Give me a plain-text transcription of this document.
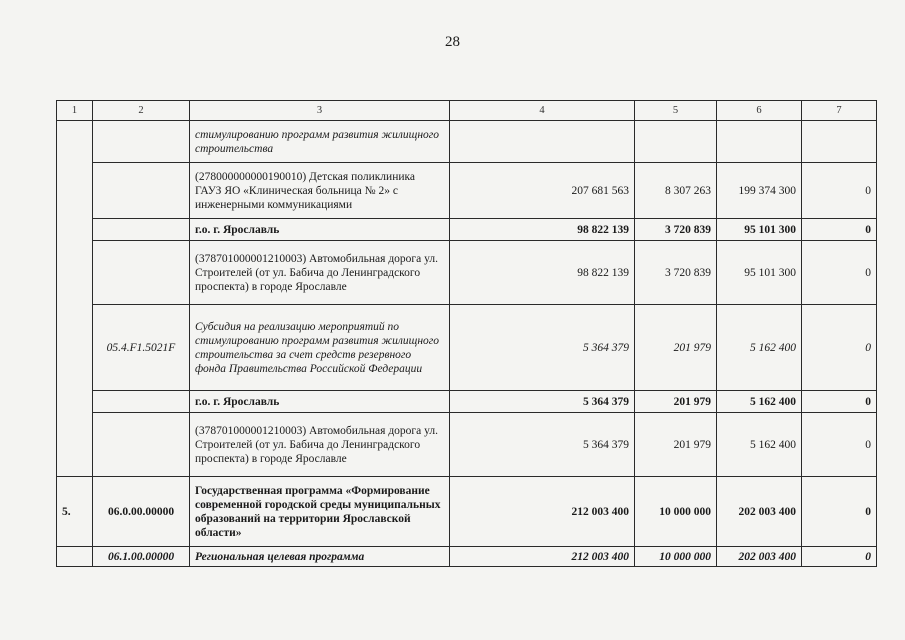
28
1	2	3	4	5	6	7
		стимулированию программ развития жилищного строительства				
		(278000000000190010) Детская поликлиника ГАУЗ ЯО «Клиническая больница № 2» с инженерными коммуникациями	207 681 563	8 307 263	199 374 300	0
		г.о. г. Ярославль	98 822 139	3 720 839	95 101 300	0
		(378701000001210003) Автомобильная дорога ул. Строителей (от ул. Бабича до Ленинградского проспекта) в городе Ярославле	98 822 139	3 720 839	95 101 300	0
	05.4.F1.5021F	Субсидия на реализацию мероприятий по стимулированию программ развития жилищного строительства за счет средств резервного фонда Правительства Российской Федерации	5 364 379	201 979	5 162 400	0
		г.о. г. Ярославль	5 364 379	201 979	5 162 400	0
		(378701000001210003) Автомобильная дорога ул. Строителей (от ул. Бабича до Ленинградского проспекта) в городе Ярославле	5 364 379	201 979	5 162 400	0
5.	06.0.00.00000	Государственная программа «Формирование современной городской среды муниципальных образований на территории Ярославской области»	212 003 400	10 000 000	202 003 400	0
	06.1.00.00000	Региональная целевая программа	212 003 400	10 000 000	202 003 400	0
